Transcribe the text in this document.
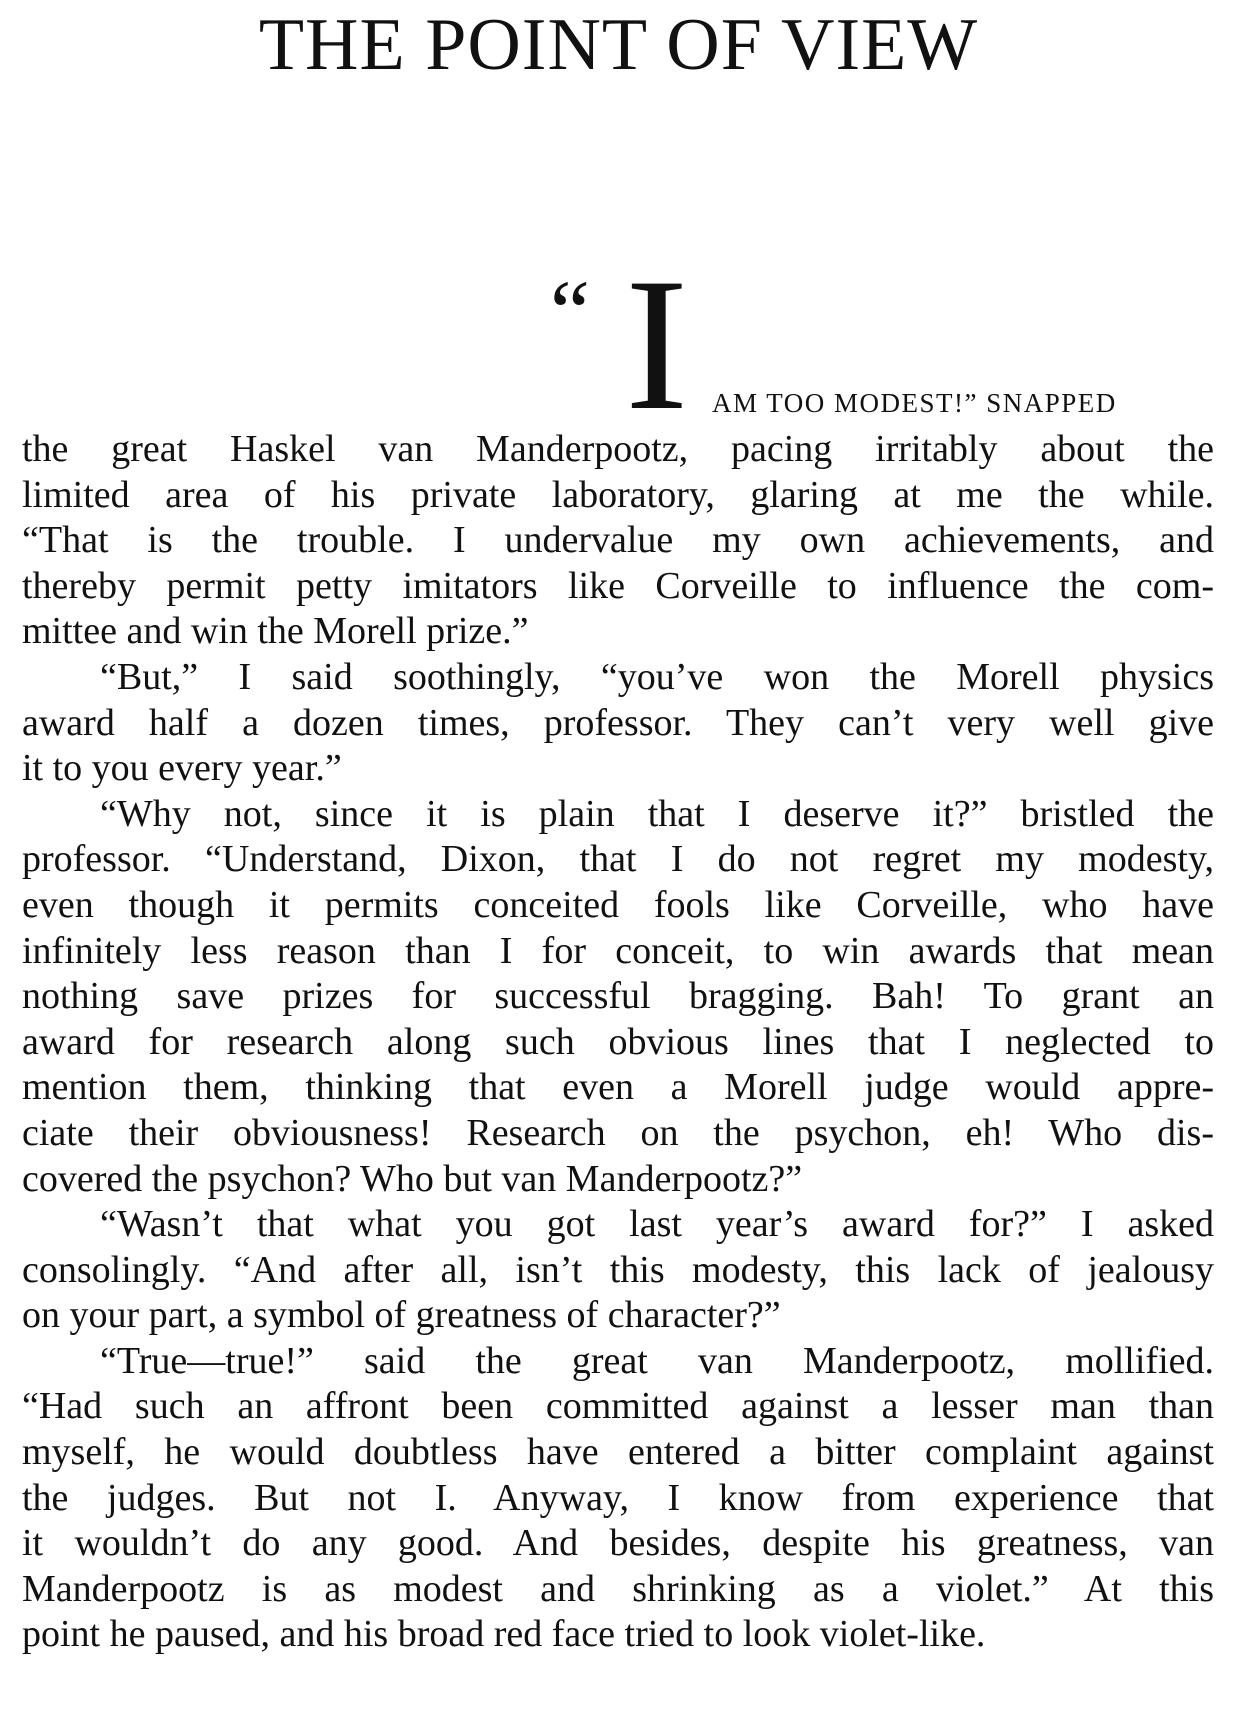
THE POINT OF VIEW
“ I AM TOO MODEST!” SNAPPED
the great Haskel van Manderpootz, pacing irritably about the
limited area of his private laboratory, glaring at me the while.
“That is the trouble. I undervalue my own achievements, and
thereby permit petty imitators like Corveille to influence the com-
mittee and win the Morell prize.”
“But,” I said soothingly, “you’ve won the Morell physics
award half a dozen times, professor. They can’t very well give
it to you every year.”
“Why not, since it is plain that I deserve it?” bristled the
professor. “Understand, Dixon, that I do not regret my modesty,
even though it permits conceited fools like Corveille, who have
infinitely less reason than I for conceit, to win awards that mean
nothing save prizes for successful bragging. Bah! To grant an
award for research along such obvious lines that I neglected to
mention them, thinking that even a Morell judge would appre-
ciate their obviousness! Research on the psychon, eh! Who dis-
covered the psychon? Who but van Manderpootz?”
“Wasn’t that what you got last year’s award for?” I asked
consolingly. “And after all, isn’t this modesty, this lack of jealousy
on your part, a symbol of greatness of character?”
“True—true!” said the great van Manderpootz, mollified.
“Had such an affront been committed against a lesser man than
myself, he would doubtless have entered a bitter complaint against
the judges. But not I. Anyway, I know from experience that
it wouldn’t do any good. And besides, despite his greatness, van
Manderpootz is as modest and shrinking as a violet.” At this
point he paused, and his broad red face tried to look violet-like.
